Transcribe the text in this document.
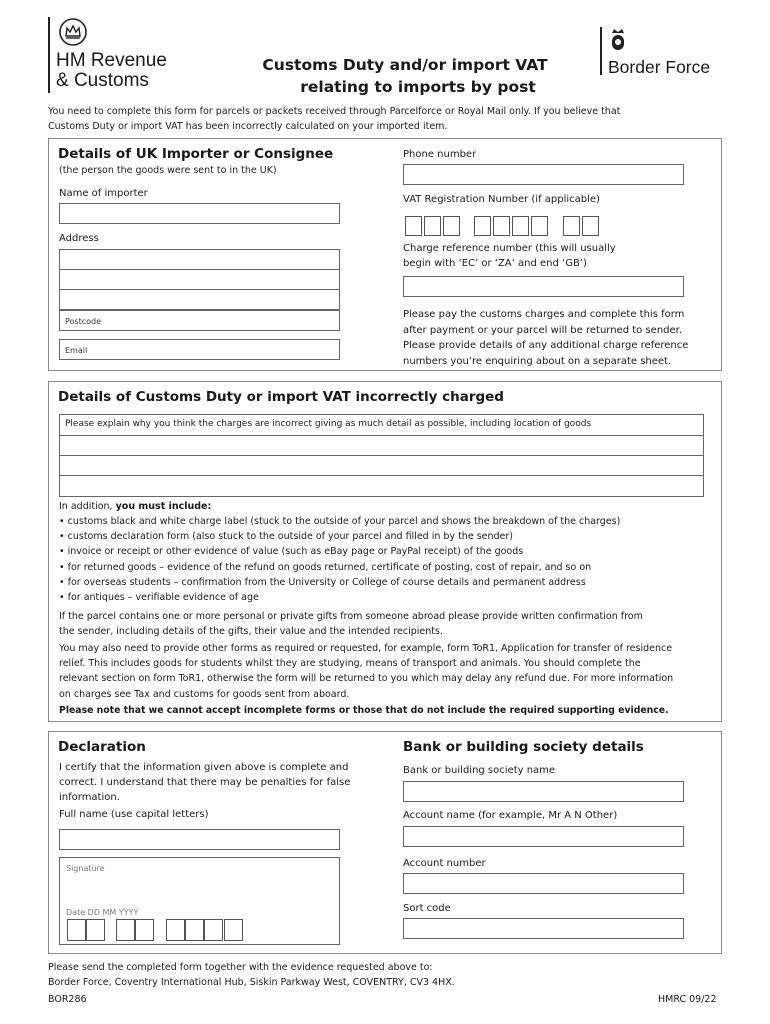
HM Revenue
& Customs
Customs Duty and/or import VAT
relating to imports by post
Border Force
You need to complete this form for parcels or packets received through Parcelforce or Royal Mail only. If you believe that
Customs Duty or import VAT has been incorrectly calculated on your imported item.
Details of UK Importer or Consignee
(the person the goods were sent to in the UK)
Name of importer
Address
Postcode
Email
Phone number
VAT Registration Number (if applicable)
Charge reference number (this will usually
begin with ‘EC’ or ‘ZA’ and end ‘GB’)
Please pay the customs charges and complete this form
after payment or your parcel will be returned to sender.
Please provide details of any additional charge reference
numbers you’re enquiring about on a separate sheet.
Details of Customs Duty or import VAT incorrectly charged
Please explain why you think the charges are incorrect giving as much detail as possible, including location of goods
In addition, you must include:
• customs black and white charge label (stuck to the outside of your parcel and shows the breakdown of the charges)
• customs declaration form (also stuck to the outside of your parcel and filled in by the sender)
• invoice or receipt or other evidence of value (such as eBay page or PayPal receipt) of the goods
• for returned goods – evidence of the refund on goods returned, certificate of posting, cost of repair, and so on
• for overseas students – confirmation from the University or College of course details and permanent address
• for antiques – verifiable evidence of age
If the parcel contains one or more personal or private gifts from someone abroad please provide written confirmation from
the sender, including details of the gifts, their value and the intended recipients.
You may also need to provide other forms as required or requested, for example, form ToR1, Application for transfer of residence
relief. This includes goods for students whilst they are studying, means of transport and animals. You should complete the
relevant section on form ToR1, otherwise the form will be returned to you which may delay any refund due. For more information
on charges see Tax and customs for goods sent from aboard.
Please note that we cannot accept incomplete forms or those that do not include the required supporting evidence.
Declaration
I certify that the information given above is complete and
correct. I understand that there may be penalties for false
information.
Full name (use capital letters)
Signature
Date DD MM YYYY
Bank or building society details
Bank or building society name
Account name (for example, Mr A N Other)
Account number
Sort code
Please send the completed form together with the evidence requested above to:
Border Force, Coventry International Hub, Siskin Parkway West, COVENTRY, CV3 4HX.
BOR286	HMRC 09/22
